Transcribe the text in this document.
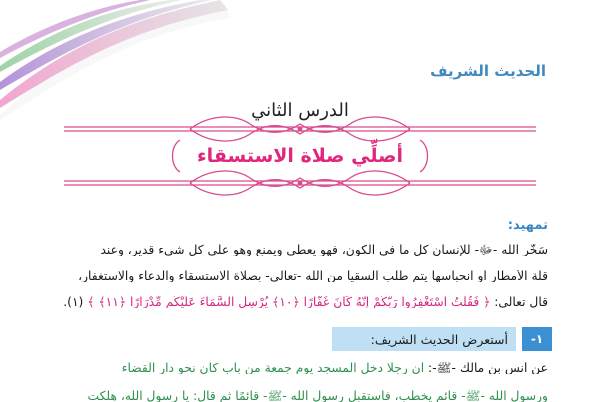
الحديث الشريف
الدرس الثاني
أصلِّي صلاة الاستسقاء
تمهيد:
سَخَّر الله -ﷻ- للإنسان كل ما في الكون، فهو يعطي ويمنع وهو على كل شيء قدير، وعند
قلة الأمطار أو انحباسها يتم طلب السقيا من الله -تعالى- بصلاة الاستسقاء والدعاء والاستغفار،
قال تعالى: ﴿ فَقُلْتُ اسْتَغْفِرُوا رَبَّكُمْ إِنَّهُ كَانَ غَفَّارًا ﴿١٠﴾ يُرْسِلِ السَّمَاءَ عَلَيْكُم مِّدْرَارًا ﴿١١﴾ ﴾ (١).
١-
أستعرض الحديث الشريف:
عن أنس بن مالك -ﷺ-: أن رجلًا دخل المسجد يوم جمعة من بابٍ كان نحو دار القضاء
ورسول الله -ﷺ- قائم يخطب، فاستقبل رسول الله -ﷺ- قائمًا ثم قال: يا رسول الله، هلكت
